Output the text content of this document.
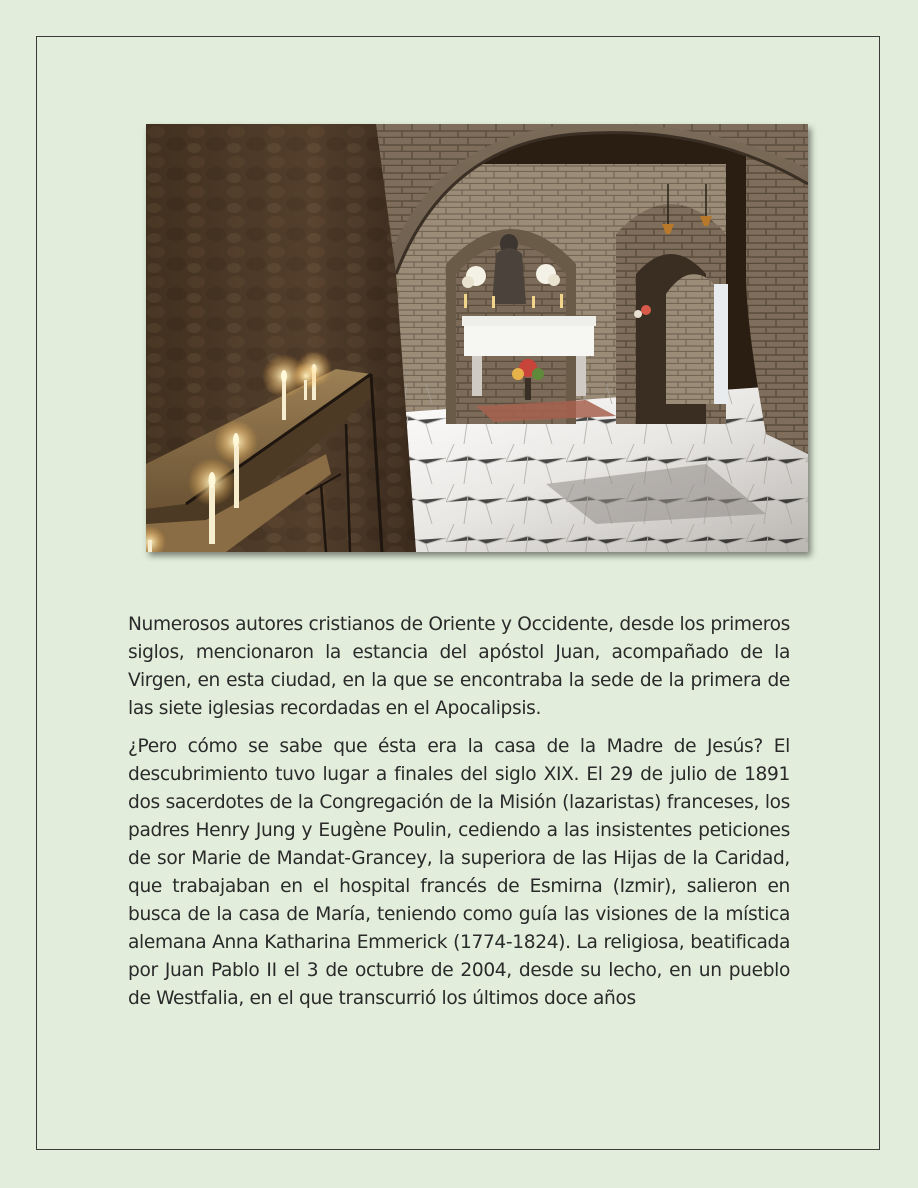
Numerosos autores cristianos de Oriente y Occidente, desde los primeros siglos, mencionaron la estancia del apóstol Juan, acompañado de la Virgen, en esta ciudad, en la que se encontraba la sede de la primera de las siete iglesias recordadas en el Apocalipsis.

¿Pero cómo se sabe que ésta era la casa de la Madre de Jesús? El descubrimiento tuvo lugar a finales del siglo XIX. El 29 de julio de 1891 dos sacerdotes de la Congregación de la Misión (lazaristas) franceses, los padres Henry Jung y Eugène Poulin, cediendo a las insistentes peticiones de sor Marie de Mandat-Grancey, la superiora de las Hijas de la Caridad, que trabajaban en el hospital francés de Esmirna (Izmir), salieron en busca de la casa de María, teniendo como guía las visiones de la mística alemana Anna Katharina Emmerick (1774-1824). La religiosa, beatificada por Juan Pablo II el 3 de octubre de 2004, desde su lecho, en un pueblo de Westfalia, en el que transcurrió los últimos doce años
